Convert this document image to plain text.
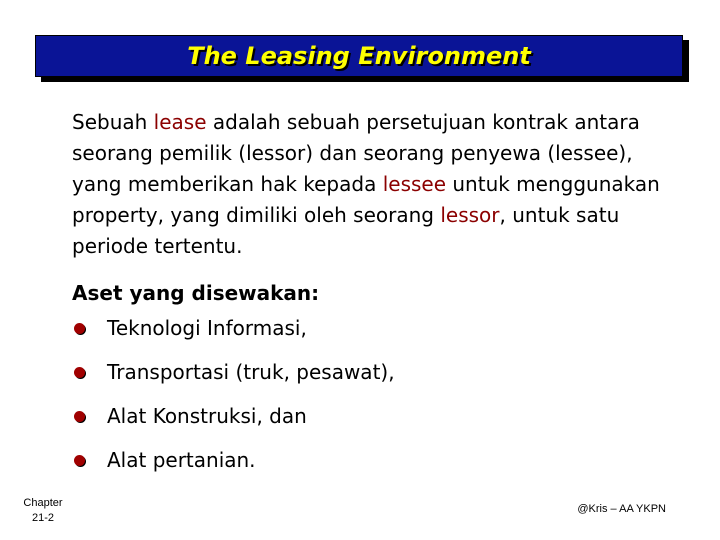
The Leasing Environment
Sebuah lease adalah sebuah persetujuan kontrak antara seorang pemilik (lessor) dan seorang penyewa (lessee), yang memberikan hak kepada lessee untuk menggunakan property, yang dimiliki oleh seorang lessor, untuk satu periode tertentu.
Aset yang disewakan:
Teknologi Informasi,
Transportasi (truk, pesawat),
Alat Konstruksi, dan
Alat pertanian.
Chapter
21-2
@Kris – AA YKPN
